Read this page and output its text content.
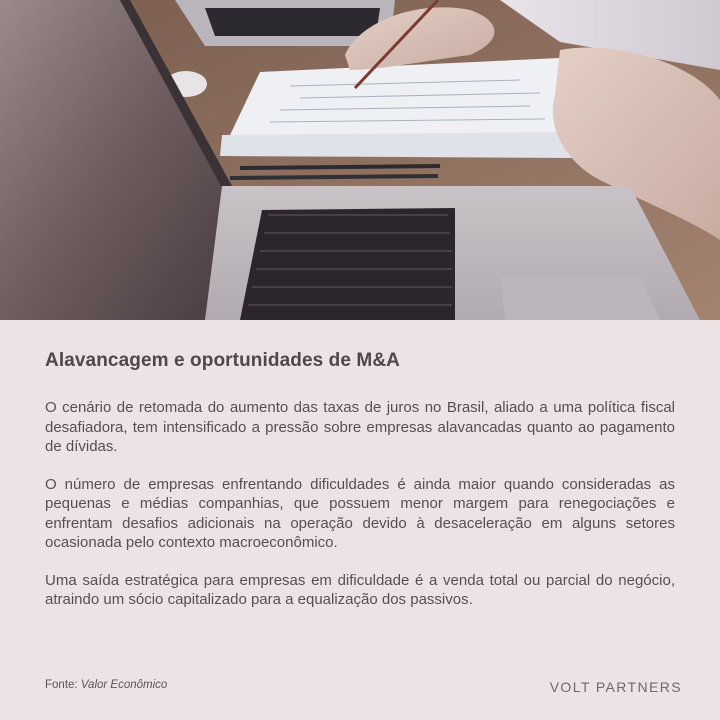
Alavancagem e oportunidades de M&A

O cenário de retomada do aumento das taxas de juros no Brasil, aliado a uma política fiscal desafiadora, tem intensificado a pressão sobre empresas alavancadas quanto ao pagamento de dívidas.

O número de empresas enfrentando dificuldades é ainda maior quando consideradas as pequenas e médias companhias, que possuem menor margem para renegociações e enfrentam desafios adicionais na operação devido à desaceleração em alguns setores ocasionada pelo contexto macroeconômico.

Uma saída estratégica para empresas em dificuldade é a venda total ou parcial do negócio, atraindo um sócio capitalizado para a equalização dos passivos.

Fonte: Valor Econômico	VOLT PARTNERS
